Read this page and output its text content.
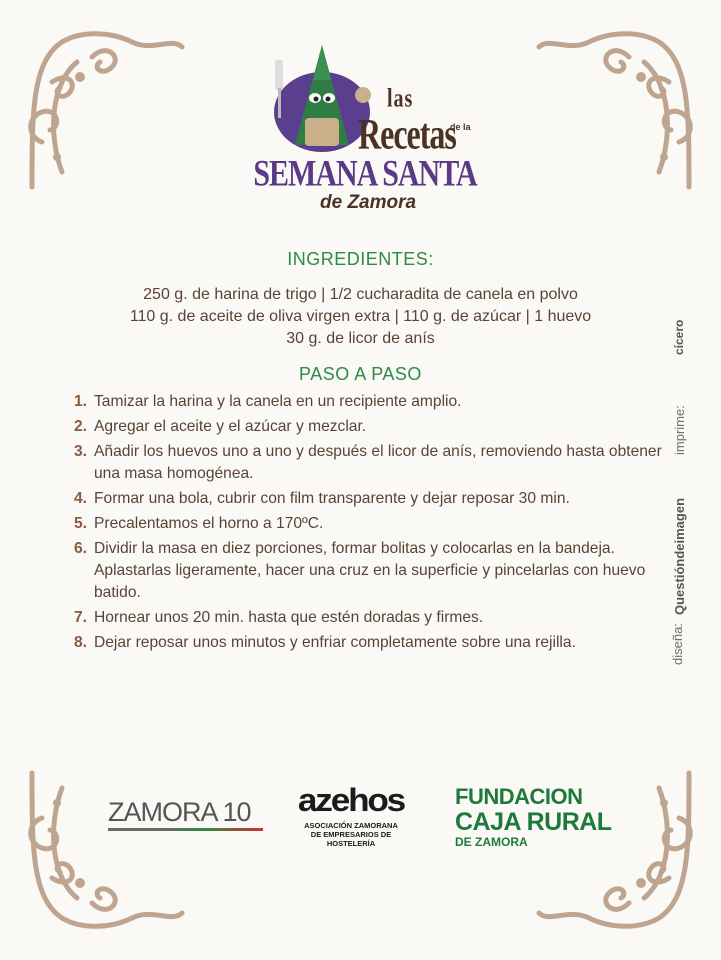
las
Recetas
de la
SEMANA SANTA
de Zamora
INGREDIENTES:
250 g. de harina de trigo | 1/2 cucharadita de canela en polvo
110 g. de aceite de oliva virgen extra | 110 g. de azúcar | 1 huevo
30 g. de licor de anís
PASO A PASO
1. Tamizar la harina y la canela en un recipiente amplio.
2. Agregar el aceite y el azúcar y mezclar.
3. Añadir los huevos uno a uno y después el licor de anís, removiendo hasta obtener una masa homogénea.
4. Formar una bola, cubrir con film transparente y dejar reposar 30 min.
5. Precalentamos el horno a 170ºC.
6. Dividir la masa en diez porciones, formar bolitas y colocarlas en la bandeja. Aplastarlas ligeramente, hacer una cruz en la superficie y pincelarlas con huevo batido.
7. Hornear unos 20 min. hasta que estén doradas y firmes.
8. Dejar reposar unos minutos y enfriar completamente sobre una rejilla.	diseña:
Questióndeimagen
imprime:
cícero
ZAMORA 10	azehos
ASOCIACIÓN ZAMORANA
DE EMPRESARIOS DE
HOSTELERÍA
FUNDACION
CAJA RURAL
DE ZAMORA
